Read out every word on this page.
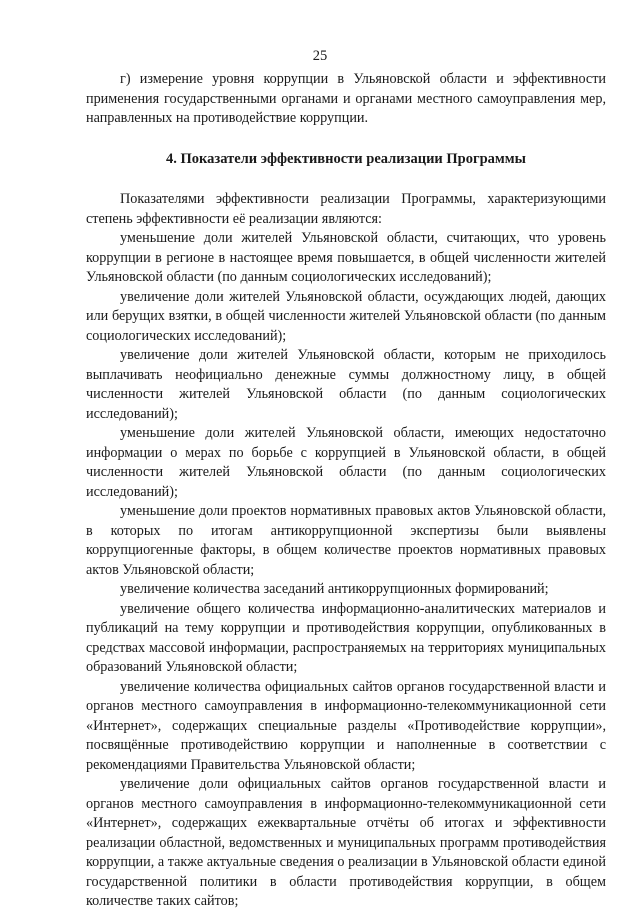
25

г) измерение уровня коррупции в Ульяновской области и эффективности применения государственными органами и органами местного самоуправления мер, направленных на противодействие коррупции.

4. Показатели эффективности реализации Программы

Показателями эффективности реализации Программы, характеризующими степень эффективности её реализации являются:

уменьшение доли жителей Ульяновской области, считающих, что уровень коррупции в регионе в настоящее время повышается, в общей численности жителей Ульяновской области (по данным социологических исследований);

увеличение доли жителей Ульяновской области, осуждающих людей, дающих или берущих взятки, в общей численности жителей Ульяновской области (по данным социологических исследований);

увеличение доли жителей Ульяновской области, которым не приходилось выплачивать неофициально денежные суммы должностному лицу, в общей численности жителей Ульяновской области (по данным социологических исследований);

уменьшение доли жителей Ульяновской области, имеющих недостаточно информации о мерах по борьбе с коррупцией в Ульяновской области, в общей численности жителей Ульяновской области (по данным социологических исследований);

уменьшение доли проектов нормативных правовых актов Ульяновской области, в которых по итогам антикоррупционной экспертизы были выявлены коррупциогенные факторы, в общем количестве проектов нормативных правовых актов Ульяновской области;

увеличение количества заседаний антикоррупционных формирований;

увеличение общего количества информационно-аналитических материалов и публикаций на тему коррупции и противодействия коррупции, опубликованных в средствах массовой информации, распространяемых на территориях муниципальных образований Ульяновской области;

увеличение количества официальных сайтов органов государственной власти и органов местного самоуправления в информационно-телекоммуникационной сети «Интернет», содержащих специальные разделы «Противодействие коррупции», посвящённые противодействию коррупции и наполненные в соответствии с рекомендациями Правительства Ульяновской области;

увеличение доли официальных сайтов органов государственной власти и органов местного самоуправления в информационно-телекоммуникационной сети «Интернет», содержащих ежеквартальные отчёты об итогах и эффективности реализации областной, ведомственных и муниципальных программ противодействия коррупции, а также актуальные сведения о реализации в Ульяновской области единой государственной политики в области противодействия коррупции, в общем количестве таких сайтов;
